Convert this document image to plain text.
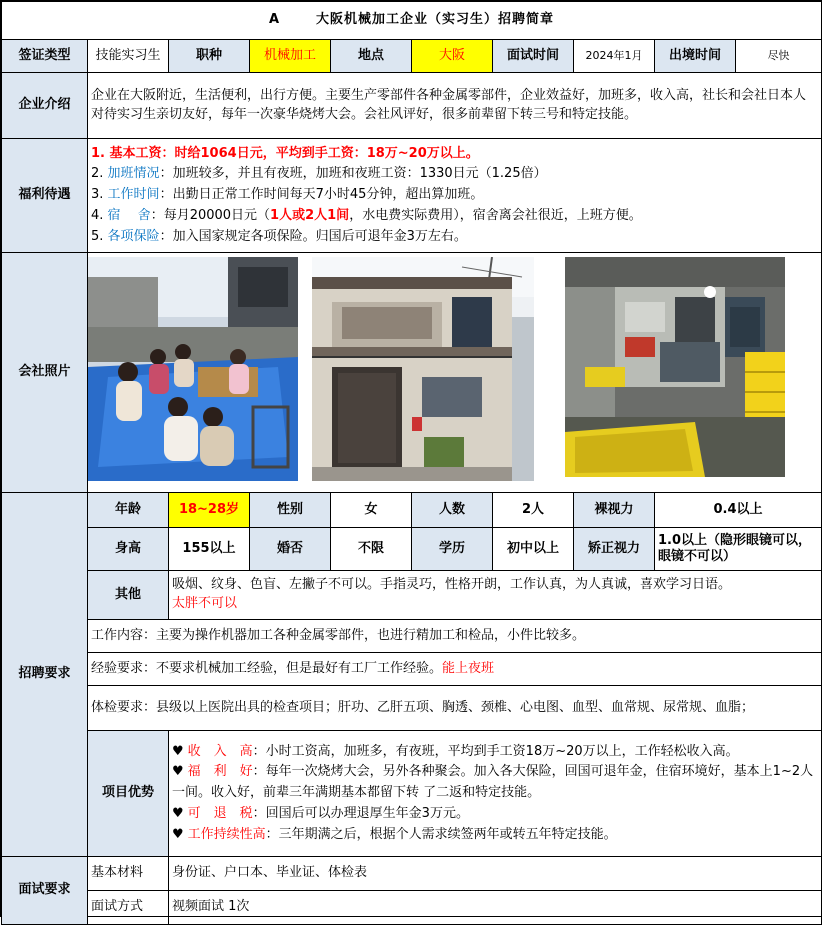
A 大阪机械加工企业（实习生）招聘简章									
签证类型	技能实习生	职种	机械加工	地点	大阪	面试时间	2024年1月	出境时间	尽快
企业介绍	企业在大阪附近，生活便利，出行方便。主要生产零部件各种金属零部件，企业效益好，加班多，收入高，社长和会社日本人对待实习生亲切友好，每年一次豪华烧烤大会。会社风评好，很多前辈留下转三号和特定技能。								
福利待遇	1. 基本工资：时给1064日元，平均到手工资：18万~20万以上。
2. 加班情况：加班较多，并且有夜班，加班和夜班工资：1330日元（1.25倍）
3. 工作时间：出勤日正常工作时间每天7小时45分钟，超出算加班。
4. 宿　 舍：每月20000日元（1人或2人1间，水电费实际费用），宿舍离会社很近，上班方便。
5. 各项保险：加入国家规定各项保险。归国后可退年金3万左右。								

会社照片	

招聘要求	年龄	18~28岁	性别	女	人数	2人	裸视力	0.4以上	
	身高	155以上	婚否	不限	学历	初中以上	矫正视力	1.0以上（隐形眼镜可以，眼镜不可以）	
	其他	吸烟、纹身、色盲、左撇子不可以。手指灵巧，性格开朗，工作认真，为人真诚，喜欢学习日语。
太胖不可以							
	工作内容：主要为操作机器加工各种金属零部件，也进行精加工和检品，小件比较多。								
	经验要求：不要求机械加工经验，但是最好有工厂工作经验。能上夜班								
	体检要求：县级以上医院出具的检查项目；肝功、乙肝五项、胸透、颈椎、心电图、血型、血常规、尿常规、血脂；								
	项目优势	♥ 收　入　高：小时工资高，加班多，有夜班，平均到手工资18万~20万以上，工作轻松收入高。
♥ 福　利　好：每年一次烧烤大会，另外各种聚会。加入各大保险，回国可退年金，住宿环境好，基本上1~2人一间。收入好，前辈三年满期基本都留下转 了二返和特定技能。
♥ 可　退　税：回国后可以办理退厚生年金3万元。
♥ 工作持续性高：三年期满之后，根据个人需求续签两年或转五年特定技能。							

面试要求	基本材料	身份证、户口本、毕业证、体检表							
	面试方式	视频面试 1次							
